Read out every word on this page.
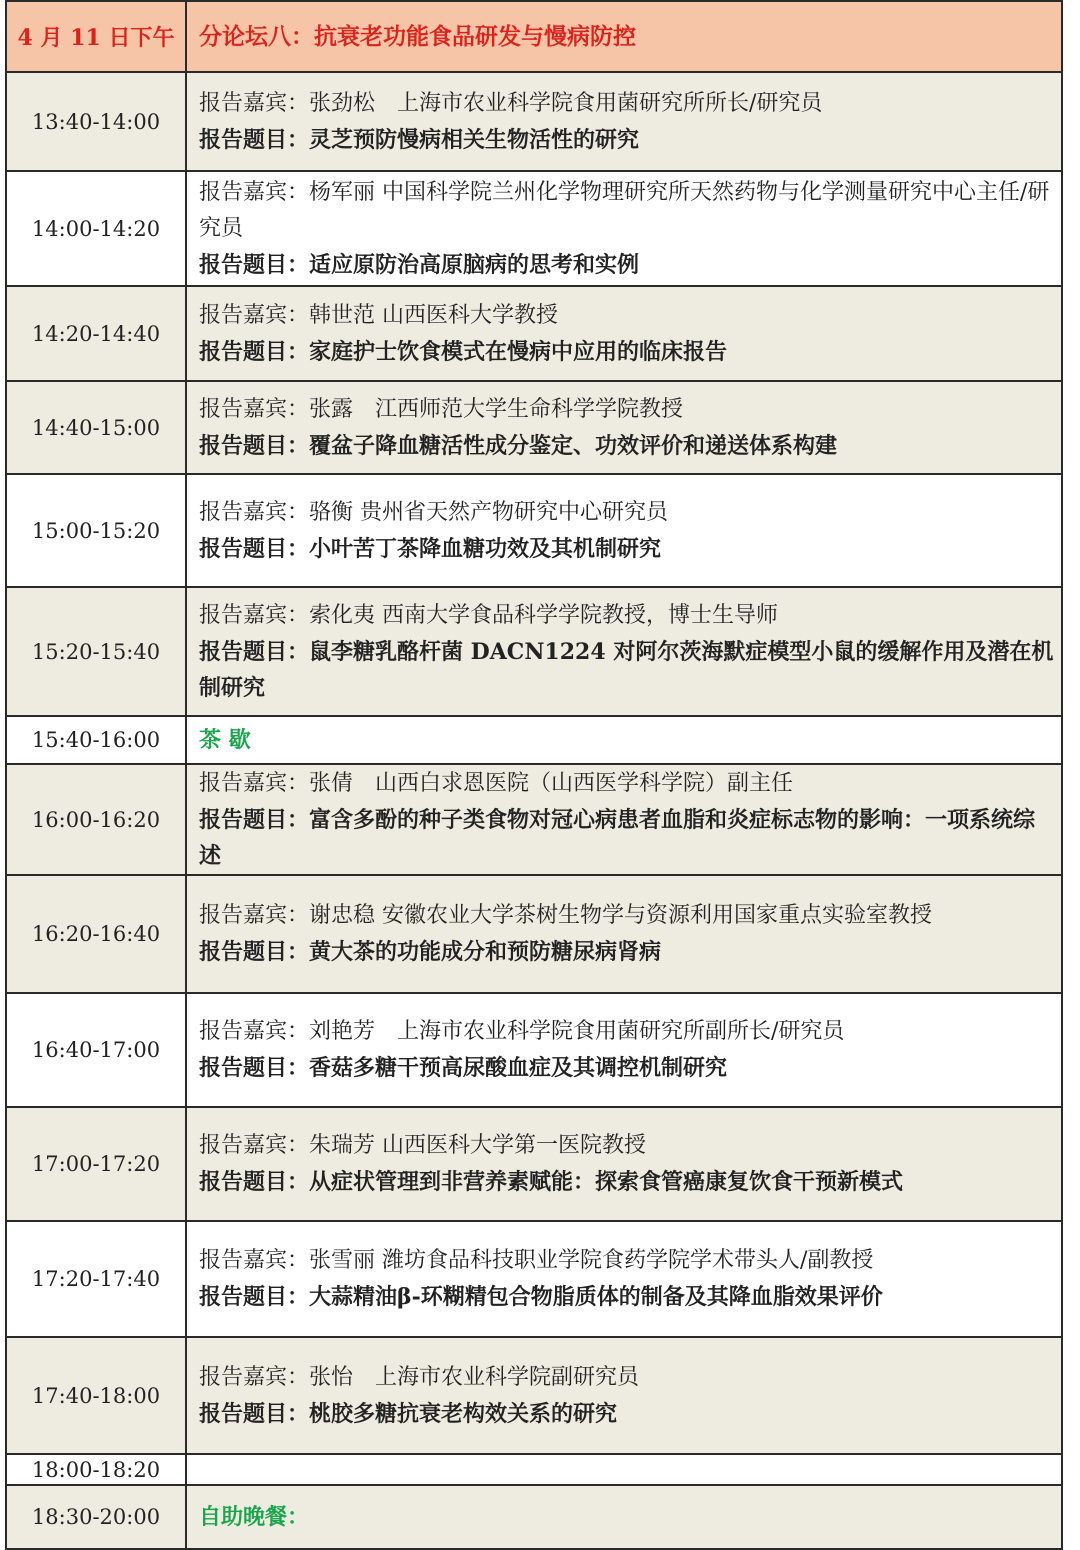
4 月 11 日下午	分论坛八：抗衰老功能食品研发与慢病防控
13:40-14:00	报告嘉宾：张劲松　上海市农业科学院食用菌研究所所长/研究员
报告题目：灵芝预防慢病相关生物活性的研究

14:00-14:20	报告嘉宾：杨军丽 中国科学院兰州化学物理研究所天然药物与化学测量研究中心主任/研究员
报告题目：适应原防治高原脑病的思考和实例

14:20-14:40	报告嘉宾：韩世范 山西医科大学教授
报告题目：家庭护士饮食模式在慢病中应用的临床报告

14:40-15:00	报告嘉宾：张露　江西师范大学生命科学学院教授
报告题目：覆盆子降血糖活性成分鉴定、功效评价和递送体系构建

15:00-15:20	报告嘉宾：骆衡 贵州省天然产物研究中心研究员
报告题目：小叶苦丁茶降血糖功效及其机制研究

15:20-15:40	报告嘉宾：索化夷 西南大学食品科学学院教授，博士生导师
报告题目：鼠李糖乳酪杆菌 DACN1224 对阿尔茨海默症模型小鼠的缓解作用及潜在机制研究

15:40-16:00	茶 歇
16:00-16:20	报告嘉宾：张倩　山西白求恩医院（山西医学科学院）副主任
报告题目：富含多酚的种子类食物对冠心病患者血脂和炎症标志物的影响：一项系统综述

16:20-16:40	报告嘉宾：谢忠稳 安徽农业大学茶树生物学与资源利用国家重点实验室教授
报告题目：黄大茶的功能成分和预防糖尿病肾病

16:40-17:00	报告嘉宾：刘艳芳　上海市农业科学院食用菌研究所副所长/研究员
报告题目：香菇多糖干预高尿酸血症及其调控机制研究

17:00-17:20	报告嘉宾：朱瑞芳 山西医科大学第一医院教授
报告题目：从症状管理到非营养素赋能：探索食管癌康复饮食干预新模式

17:20-17:40	报告嘉宾：张雪丽 潍坊食品科技职业学院食药学院学术带头人/副教授
报告题目：大蒜精油β-环糊精包合物脂质体的制备及其降血脂效果评价

17:40-18:00	报告嘉宾：张怡　上海市农业科学院副研究员
报告题目：桃胶多糖抗衰老构效关系的研究

18:00-18:20	
18:30-20:00	自助晚餐：
